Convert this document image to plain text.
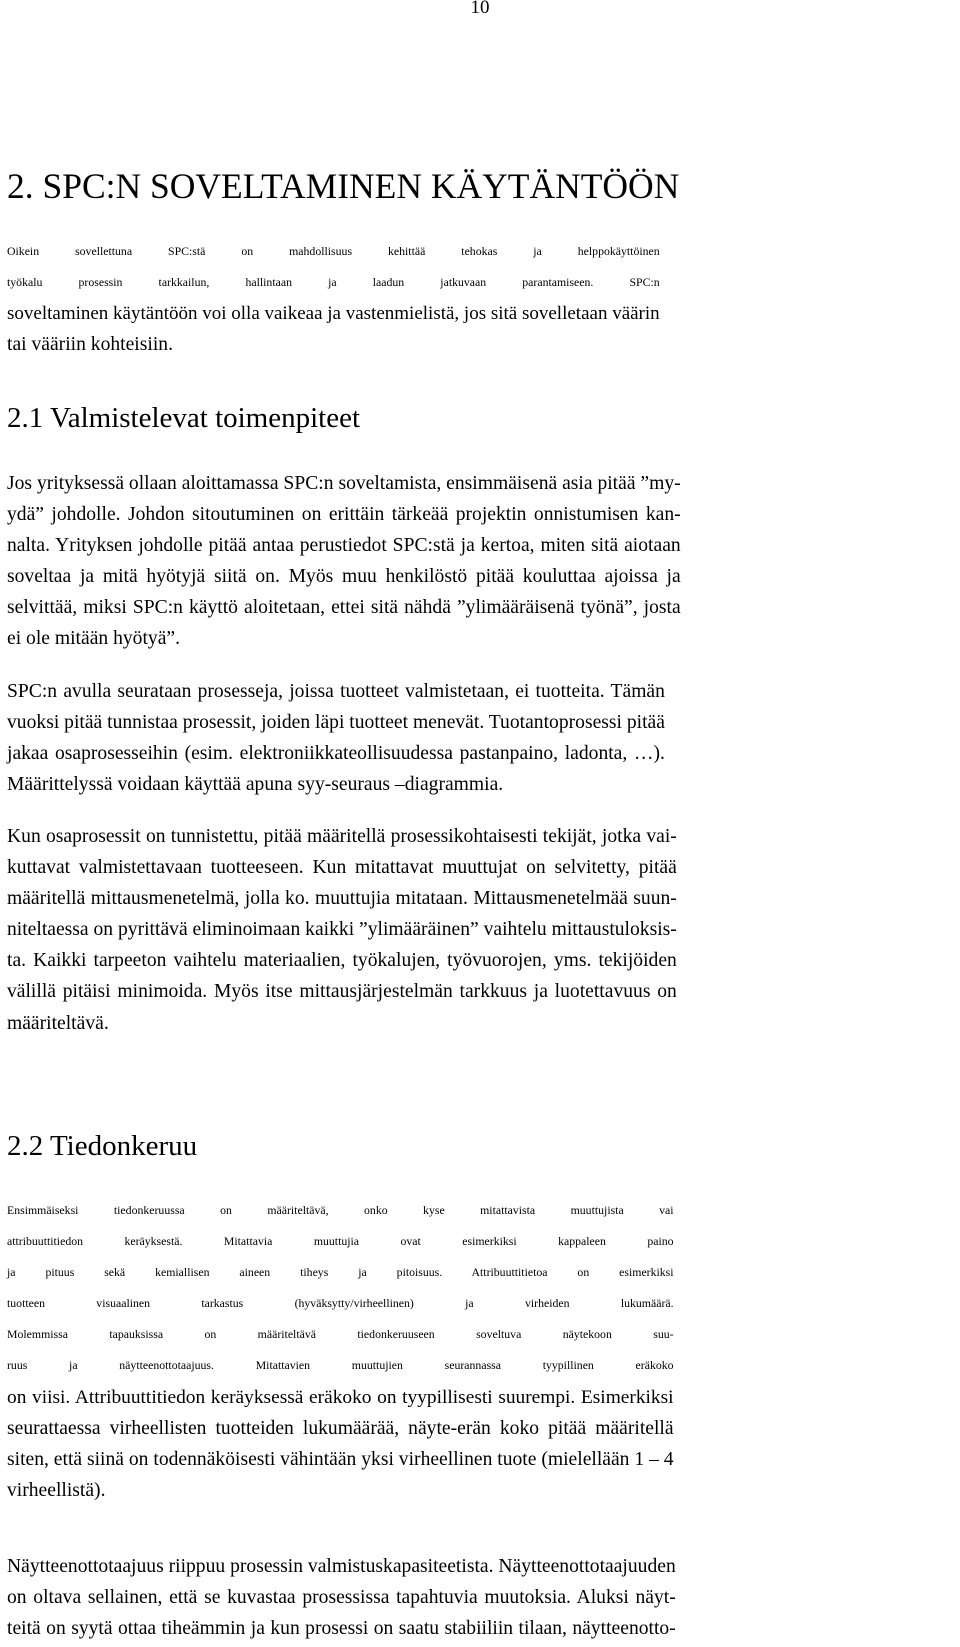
10

2. SPC:N SOVELTAMINEN KÄYTÄNTÖÖN

Oikein sovellettuna SPC:stä on mahdollisuus kehittää tehokas ja helppokäyttöinen
työkalu prosessin tarkkailun, hallintaan ja laadun jatkuvaan parantamiseen. SPC:n
soveltaminen käytäntöön voi olla vaikeaa ja vastenmielistä, jos sitä sovelletaan väärin
tai vääriin kohteisiin.

2.1 Valmistelevat toimenpiteet

Jos yrityksessä ollaan aloittamassa SPC:n soveltamista, ensimmäisenä asia pitää ”my-
ydä” johdolle. Johdon sitoutuminen on erittäin tärkeää projektin onnistumisen kan-
nalta. Yrityksen johdolle pitää antaa perustiedot SPC:stä ja kertoa, miten sitä aiotaan
soveltaa ja mitä hyötyjä siitä on. Myös muu henkilöstö pitää kouluttaa ajoissa ja
selvittää, miksi SPC:n käyttö aloitetaan, ettei sitä nähdä ”ylimääräisenä työnä”, josta
ei ole mitään hyötyä”.

SPC:n avulla seurataan prosesseja, joissa tuotteet valmistetaan, ei tuotteita. Tämän
vuoksi pitää tunnistaa prosessit, joiden läpi tuotteet menevät. Tuotantoprosessi pitää
jakaa osaprosesseihin (esim. elektroniikkateollisuudessa pastanpaino, ladonta, …).
Määrittelyssä voidaan käyttää apuna syy-seuraus –diagrammia.

Kun osaprosessit on tunnistettu, pitää määritellä prosessikohtaisesti tekijät, jotka vai-
kuttavat valmistettavaan tuotteeseen. Kun mitattavat muuttujat on selvitetty, pitää
määritellä mittausmenetelmä, jolla ko. muuttujia mitataan. Mittausmenetelmää suun-
niteltaessa on pyrittävä eliminoimaan kaikki ”ylimääräinen” vaihtelu mittaustuloksis-
ta. Kaikki tarpeeton vaihtelu materiaalien, työkalujen, työvuorojen, yms. tekijöiden
välillä pitäisi minimoida. Myös itse mittausjärjestelmän tarkkuus ja luotettavuus on
määriteltävä.

2.2 Tiedonkeruu

Ensimmäiseksi tiedonkeruussa on määriteltävä, onko kyse mitattavista muuttujista vai
attribuuttitiedon keräyksestä. Mitattavia muuttujia ovat esimerkiksi kappaleen paino
ja pituus sekä kemiallisen aineen tiheys ja pitoisuus. Attribuuttitietoa on esimerkiksi
tuotteen visuaalinen tarkastus (hyväksytty/virheellinen) ja virheiden lukumäärä.
Molemmissa tapauksissa on määriteltävä tiedonkeruuseen soveltuva näytekoon suu-
ruus ja näytteenottotaajuus. Mitattavien muuttujien seurannassa tyypillinen eräkoko
on viisi. Attribuuttitiedon keräyksessä eräkoko on tyypillisesti suurempi. Esimerkiksi
seurattaessa virheellisten tuotteiden lukumäärää, näyte-erän koko pitää määritellä
siten, että siinä on todennäköisesti vähintään yksi virheellinen tuote (mielellään 1 – 4
virheellistä).

Näytteenottotaajuus riippuu prosessin valmistuskapasiteetista. Näytteenottotaajuuden
on oltava sellainen, että se kuvastaa prosessissa tapahtuvia muutoksia. Aluksi näyt-
teitä on syytä ottaa tiheämmin ja kun prosessi on saatu stabiiliin tilaan, näytteenotto-
